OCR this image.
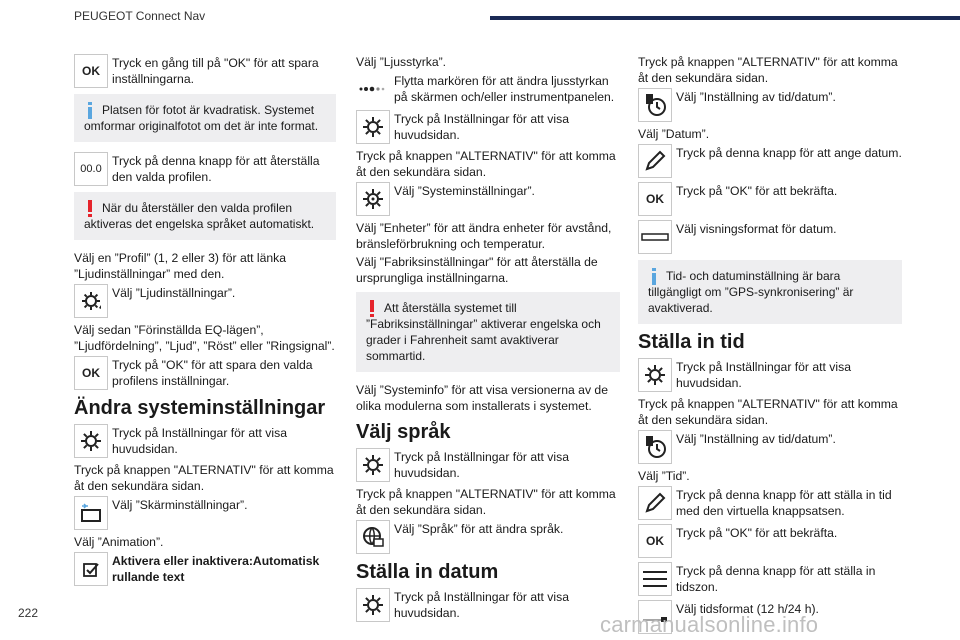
PEUGEOT Connect Nav
OK
Tryck en gång till på "OK" för att spara inställningarna.
Platsen för fotot är kvadratisk. Systemet omformar originalfotot om det är inte format.
00.0
Tryck på denna knapp för att återställa den valda profilen.
När du återställer den valda profilen aktiveras det engelska språket automatiskt.
Välj en ”Profil” (1, 2 eller 3) för att länka ”Ljudinställningar” med den.
Välj ”Ljudinställningar”.
Välj sedan ”Förinställda EQ-lägen”, ”Ljudfördelning”, ”Ljud”, ”Röst” eller ”Ringsignal”.
OK
Tryck på "OK" för att spara den valda profilens inställningar.
Ändra systeminställningar
Tryck på Inställningar för att visa huvudsidan.
Tryck på knappen "ALTERNATIV" för att komma åt den sekundära sidan.
Välj ”Skärminställningar”.
Välj ”Animation”.
Aktivera eller inaktivera:Automatisk rullande text
Välj ”Ljusstyrka”.
Flytta markören för att ändra ljusstyrkan på skärmen och/eller instrumentpanelen.
Tryck på Inställningar för att visa huvudsidan.
Tryck på knappen "ALTERNATIV" för att komma åt den sekundära sidan.
Välj ”Systeminställningar”.
Välj ”Enheter” för att ändra enheter för avstånd, bränsleförbrukning och temperatur.
Välj "Fabriksinställningar" för att återställa de ursprungliga inställningarna.
Att återställa systemet till ”Fabriksinställningar” aktiverar engelska och grader i Fahrenheit samt avaktiverar sommartid.
Välj ”Systeminfo” för att visa versionerna av de olika modulerna som installerats i systemet.
Välj språk
Tryck på Inställningar för att visa huvudsidan.
Tryck på knappen "ALTERNATIV" för att komma åt den sekundära sidan.
Välj ”Språk” för att ändra språk.
Ställa in datum
Tryck på Inställningar för att visa huvudsidan.
Tryck på knappen "ALTERNATIV" för att komma åt den sekundära sidan.
Välj ”Inställning av tid/datum”.
Välj ”Datum”.
Tryck på denna knapp för att ange datum.
OK
Tryck på "OK" för att bekräfta.
Välj visningsformat för datum.
Tid- och datuminställning är bara tillgängligt om ”GPS-synkronisering” är avaktiverad.
Ställa in tid
Tryck på Inställningar för att visa huvudsidan.
Tryck på knappen "ALTERNATIV" för att komma åt den sekundära sidan.
Välj ”Inställning av tid/datum”.
Välj ”Tid”.
Tryck på denna knapp för att ställa in tid med den virtuella knappsatsen.
OK
Tryck på "OK" för att bekräfta.
Tryck på denna knapp för att ställa in tidszon.
Välj tidsformat (12 h/24 h).
222	carmanualsonline.info
